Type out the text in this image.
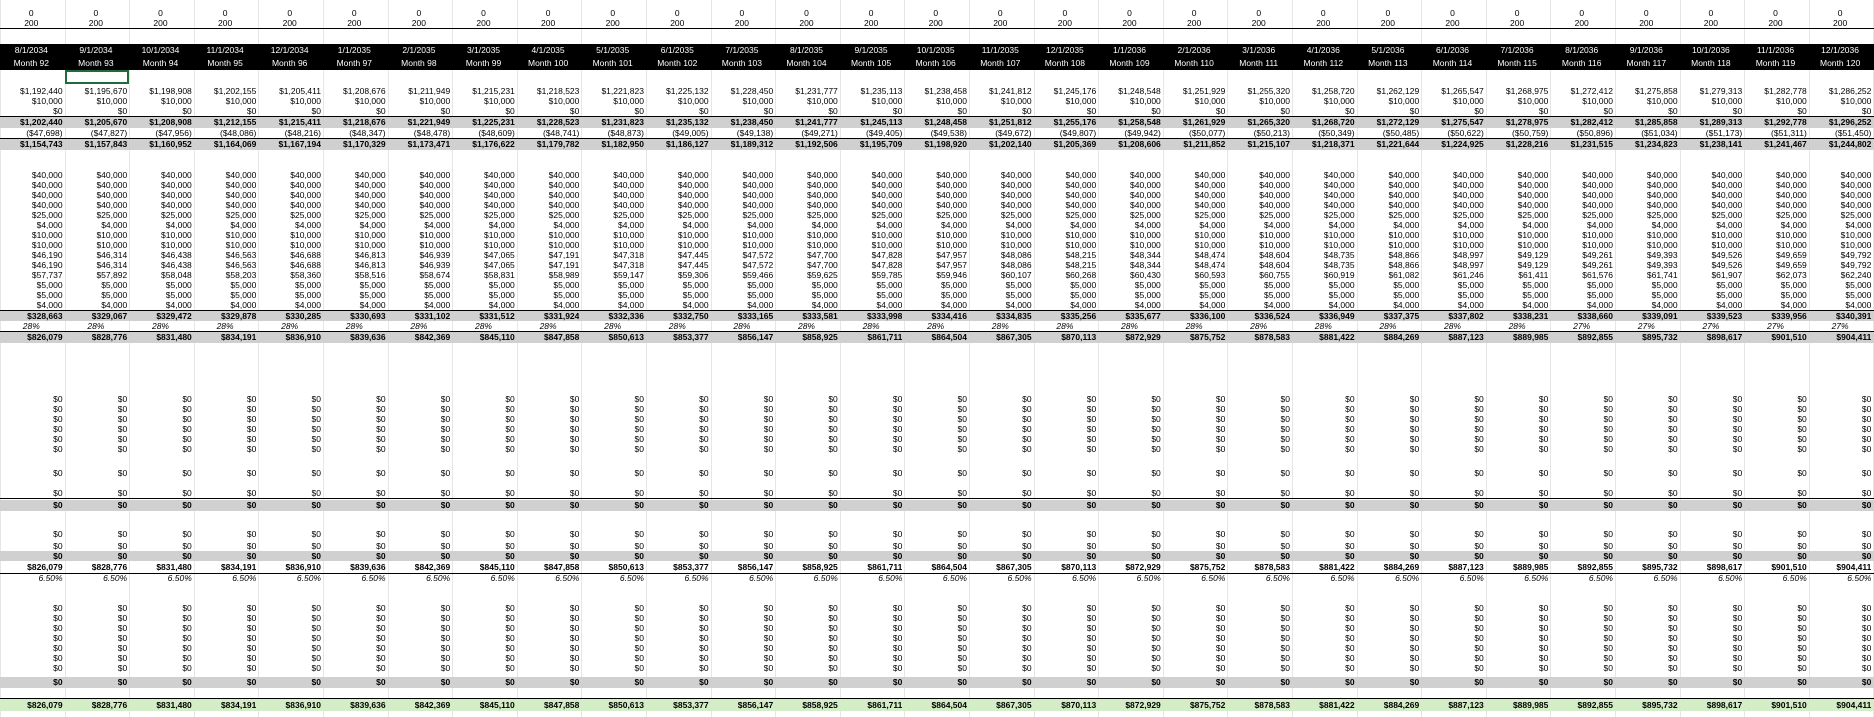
0	0	0	0	0	0	0	0	0	0	0	0	0	0	0	0	0	0	0	0	0	0	0	0	0	0	0	0	0
200	200	200	200	200	200	200	200	200	200	200	200	200	200	200	200	200	200	200	200	200	200	200	200	200	200	200	200	200
8/1/2034	9/1/2034	10/1/2034	11/1/2034	12/1/2034	1/1/2035	2/1/2035	3/1/2035	4/1/2035	5/1/2035	6/1/2035	7/1/2035	8/1/2035	9/1/2035	10/1/2035	11/1/2035	12/1/2035	1/1/2036	2/1/2036	3/1/2036	4/1/2036	5/1/2036	6/1/2036	7/1/2036	8/1/2036	9/1/2036	10/1/2036	11/1/2036	12/1/2036
Month 92	Month 93	Month 94	Month 95	Month 96	Month 97	Month 98	Month 99	Month 100	Month 101	Month 102	Month 103	Month 104	Month 105	Month 106	Month 107	Month 108	Month 109	Month 110	Month 111	Month 112	Month 113	Month 114	Month 115	Month 116	Month 117	Month 118	Month 119	Month 120
$1,192,440	$1,195,670	$1,198,908	$1,202,155	$1,205,411	$1,208,676	$1,211,949	$1,215,231	$1,218,523	$1,221,823	$1,225,132	$1,228,450	$1,231,777	$1,235,113	$1,238,458	$1,241,812	$1,245,176	$1,248,548	$1,251,929	$1,255,320	$1,258,720	$1,262,129	$1,265,547	$1,268,975	$1,272,412	$1,275,858	$1,279,313	$1,282,778	$1,286,252
$10,000	$10,000	$10,000	$10,000	$10,000	$10,000	$10,000	$10,000	$10,000	$10,000	$10,000	$10,000	$10,000	$10,000	$10,000	$10,000	$10,000	$10,000	$10,000	$10,000	$10,000	$10,000	$10,000	$10,000	$10,000	$10,000	$10,000	$10,000	$10,000
$0	$0	$0	$0	$0	$0	$0	$0	$0	$0	$0	$0	$0	$0	$0	$0	$0	$0	$0	$0	$0	$0	$0	$0	$0	$0	$0	$0	$0
$1,202,440	$1,205,670	$1,208,908	$1,212,155	$1,215,411	$1,218,676	$1,221,949	$1,225,231	$1,228,523	$1,231,823	$1,235,132	$1,238,450	$1,241,777	$1,245,113	$1,248,458	$1,251,812	$1,255,176	$1,258,548	$1,261,929	$1,265,320	$1,268,720	$1,272,129	$1,275,547	$1,278,975	$1,282,412	$1,285,858	$1,289,313	$1,292,778	$1,296,252
($47,698)	($47,827)	($47,956)	($48,086)	($48,216)	($48,347)	($48,478)	($48,609)	($48,741)	($48,873)	($49,005)	($49,138)	($49,271)	($49,405)	($49,538)	($49,672)	($49,807)	($49,942)	($50,077)	($50,213)	($50,349)	($50,485)	($50,622)	($50,759)	($50,896)	($51,034)	($51,173)	($51,311)	($51,450)
$1,154,743	$1,157,843	$1,160,952	$1,164,069	$1,167,194	$1,170,329	$1,173,471	$1,176,622	$1,179,782	$1,182,950	$1,186,127	$1,189,312	$1,192,506	$1,195,709	$1,198,920	$1,202,140	$1,205,369	$1,208,606	$1,211,852	$1,215,107	$1,218,371	$1,221,644	$1,224,925	$1,228,216	$1,231,515	$1,234,823	$1,238,141	$1,241,467	$1,244,802
$40,000	$40,000	$40,000	$40,000	$40,000	$40,000	$40,000	$40,000	$40,000	$40,000	$40,000	$40,000	$40,000	$40,000	$40,000	$40,000	$40,000	$40,000	$40,000	$40,000	$40,000	$40,000	$40,000	$40,000	$40,000	$40,000	$40,000	$40,000	$40,000
$40,000	$40,000	$40,000	$40,000	$40,000	$40,000	$40,000	$40,000	$40,000	$40,000	$40,000	$40,000	$40,000	$40,000	$40,000	$40,000	$40,000	$40,000	$40,000	$40,000	$40,000	$40,000	$40,000	$40,000	$40,000	$40,000	$40,000	$40,000	$40,000
$40,000	$40,000	$40,000	$40,000	$40,000	$40,000	$40,000	$40,000	$40,000	$40,000	$40,000	$40,000	$40,000	$40,000	$40,000	$40,000	$40,000	$40,000	$40,000	$40,000	$40,000	$40,000	$40,000	$40,000	$40,000	$40,000	$40,000	$40,000	$40,000
$40,000	$40,000	$40,000	$40,000	$40,000	$40,000	$40,000	$40,000	$40,000	$40,000	$40,000	$40,000	$40,000	$40,000	$40,000	$40,000	$40,000	$40,000	$40,000	$40,000	$40,000	$40,000	$40,000	$40,000	$40,000	$40,000	$40,000	$40,000	$40,000
$25,000	$25,000	$25,000	$25,000	$25,000	$25,000	$25,000	$25,000	$25,000	$25,000	$25,000	$25,000	$25,000	$25,000	$25,000	$25,000	$25,000	$25,000	$25,000	$25,000	$25,000	$25,000	$25,000	$25,000	$25,000	$25,000	$25,000	$25,000	$25,000
$4,000	$4,000	$4,000	$4,000	$4,000	$4,000	$4,000	$4,000	$4,000	$4,000	$4,000	$4,000	$4,000	$4,000	$4,000	$4,000	$4,000	$4,000	$4,000	$4,000	$4,000	$4,000	$4,000	$4,000	$4,000	$4,000	$4,000	$4,000	$4,000
$10,000	$10,000	$10,000	$10,000	$10,000	$10,000	$10,000	$10,000	$10,000	$10,000	$10,000	$10,000	$10,000	$10,000	$10,000	$10,000	$10,000	$10,000	$10,000	$10,000	$10,000	$10,000	$10,000	$10,000	$10,000	$10,000	$10,000	$10,000	$10,000
$10,000	$10,000	$10,000	$10,000	$10,000	$10,000	$10,000	$10,000	$10,000	$10,000	$10,000	$10,000	$10,000	$10,000	$10,000	$10,000	$10,000	$10,000	$10,000	$10,000	$10,000	$10,000	$10,000	$10,000	$10,000	$10,000	$10,000	$10,000	$10,000
$46,190	$46,314	$46,438	$46,563	$46,688	$46,813	$46,939	$47,065	$47,191	$47,318	$47,445	$47,572	$47,700	$47,828	$47,957	$48,086	$48,215	$48,344	$48,474	$48,604	$48,735	$48,866	$48,997	$49,129	$49,261	$49,393	$49,526	$49,659	$49,792
$46,190	$46,314	$46,438	$46,563	$46,688	$46,813	$46,939	$47,065	$47,191	$47,318	$47,445	$47,572	$47,700	$47,828	$47,957	$48,086	$48,215	$48,344	$48,474	$48,604	$48,735	$48,866	$48,997	$49,129	$49,261	$49,393	$49,526	$49,659	$49,792
$57,737	$57,892	$58,048	$58,203	$58,360	$58,516	$58,674	$58,831	$58,989	$59,147	$59,306	$59,466	$59,625	$59,785	$59,946	$60,107	$60,268	$60,430	$60,593	$60,755	$60,919	$61,082	$61,246	$61,411	$61,576	$61,741	$61,907	$62,073	$62,240
$5,000	$5,000	$5,000	$5,000	$5,000	$5,000	$5,000	$5,000	$5,000	$5,000	$5,000	$5,000	$5,000	$5,000	$5,000	$5,000	$5,000	$5,000	$5,000	$5,000	$5,000	$5,000	$5,000	$5,000	$5,000	$5,000	$5,000	$5,000	$5,000
$5,000	$5,000	$5,000	$5,000	$5,000	$5,000	$5,000	$5,000	$5,000	$5,000	$5,000	$5,000	$5,000	$5,000	$5,000	$5,000	$5,000	$5,000	$5,000	$5,000	$5,000	$5,000	$5,000	$5,000	$5,000	$5,000	$5,000	$5,000	$5,000
$4,000	$4,000	$4,000	$4,000	$4,000	$4,000	$4,000	$4,000	$4,000	$4,000	$4,000	$4,000	$4,000	$4,000	$4,000	$4,000	$4,000	$4,000	$4,000	$4,000	$4,000	$4,000	$4,000	$4,000	$4,000	$4,000	$4,000	$4,000	$4,000
$328,663	$329,067	$329,472	$329,878	$330,285	$330,693	$331,102	$331,512	$331,924	$332,336	$332,750	$333,165	$333,581	$333,998	$334,416	$334,835	$335,256	$335,677	$336,100	$336,524	$336,949	$337,375	$337,802	$338,231	$338,660	$339,091	$339,523	$339,956	$340,391
28%	28%	28%	28%	28%	28%	28%	28%	28%	28%	28%	28%	28%	28%	28%	28%	28%	28%	28%	28%	28%	28%	28%	28%	27%	27%	27%	27%	27%
$826,079	$828,776	$831,480	$834,191	$836,910	$839,636	$842,369	$845,110	$847,858	$850,613	$853,377	$856,147	$858,925	$861,711	$864,504	$867,305	$870,113	$872,929	$875,752	$878,583	$881,422	$884,269	$887,123	$889,985	$892,855	$895,732	$898,617	$901,510	$904,411
$0	$0	$0	$0	$0	$0	$0	$0	$0	$0	$0	$0	$0	$0	$0	$0	$0	$0	$0	$0	$0	$0	$0	$0	$0	$0	$0	$0	$0
$0	$0	$0	$0	$0	$0	$0	$0	$0	$0	$0	$0	$0	$0	$0	$0	$0	$0	$0	$0	$0	$0	$0	$0	$0	$0	$0	$0	$0
$0	$0	$0	$0	$0	$0	$0	$0	$0	$0	$0	$0	$0	$0	$0	$0	$0	$0	$0	$0	$0	$0	$0	$0	$0	$0	$0	$0	$0
$0	$0	$0	$0	$0	$0	$0	$0	$0	$0	$0	$0	$0	$0	$0	$0	$0	$0	$0	$0	$0	$0	$0	$0	$0	$0	$0	$0	$0
$0	$0	$0	$0	$0	$0	$0	$0	$0	$0	$0	$0	$0	$0	$0	$0	$0	$0	$0	$0	$0	$0	$0	$0	$0	$0	$0	$0	$0
$0	$0	$0	$0	$0	$0	$0	$0	$0	$0	$0	$0	$0	$0	$0	$0	$0	$0	$0	$0	$0	$0	$0	$0	$0	$0	$0	$0	$0
$0	$0	$0	$0	$0	$0	$0	$0	$0	$0	$0	$0	$0	$0	$0	$0	$0	$0	$0	$0	$0	$0	$0	$0	$0	$0	$0	$0	$0
$0	$0	$0	$0	$0	$0	$0	$0	$0	$0	$0	$0	$0	$0	$0	$0	$0	$0	$0	$0	$0	$0	$0	$0	$0	$0	$0	$0	$0
$0	$0	$0	$0	$0	$0	$0	$0	$0	$0	$0	$0	$0	$0	$0	$0	$0	$0	$0	$0	$0	$0	$0	$0	$0	$0	$0	$0	$0
$0	$0	$0	$0	$0	$0	$0	$0	$0	$0	$0	$0	$0	$0	$0	$0	$0	$0	$0	$0	$0	$0	$0	$0	$0	$0	$0	$0	$0
$0	$0	$0	$0	$0	$0	$0	$0	$0	$0	$0	$0	$0	$0	$0	$0	$0	$0	$0	$0	$0	$0	$0	$0	$0	$0	$0	$0	$0
$0	$0	$0	$0	$0	$0	$0	$0	$0	$0	$0	$0	$0	$0	$0	$0	$0	$0	$0	$0	$0	$0	$0	$0	$0	$0	$0	$0	$0
$826,079	$828,776	$831,480	$834,191	$836,910	$839,636	$842,369	$845,110	$847,858	$850,613	$853,377	$856,147	$858,925	$861,711	$864,504	$867,305	$870,113	$872,929	$875,752	$878,583	$881,422	$884,269	$887,123	$889,985	$892,855	$895,732	$898,617	$901,510	$904,411
6.50%	6.50%	6.50%	6.50%	6.50%	6.50%	6.50%	6.50%	6.50%	6.50%	6.50%	6.50%	6.50%	6.50%	6.50%	6.50%	6.50%	6.50%	6.50%	6.50%	6.50%	6.50%	6.50%	6.50%	6.50%	6.50%	6.50%	6.50%	6.50%
$0	$0	$0	$0	$0	$0	$0	$0	$0	$0	$0	$0	$0	$0	$0	$0	$0	$0	$0	$0	$0	$0	$0	$0	$0	$0	$0	$0	$0
$0	$0	$0	$0	$0	$0	$0	$0	$0	$0	$0	$0	$0	$0	$0	$0	$0	$0	$0	$0	$0	$0	$0	$0	$0	$0	$0	$0	$0
$0	$0	$0	$0	$0	$0	$0	$0	$0	$0	$0	$0	$0	$0	$0	$0	$0	$0	$0	$0	$0	$0	$0	$0	$0	$0	$0	$0	$0
$0	$0	$0	$0	$0	$0	$0	$0	$0	$0	$0	$0	$0	$0	$0	$0	$0	$0	$0	$0	$0	$0	$0	$0	$0	$0	$0	$0	$0
$0	$0	$0	$0	$0	$0	$0	$0	$0	$0	$0	$0	$0	$0	$0	$0	$0	$0	$0	$0	$0	$0	$0	$0	$0	$0	$0	$0	$0
$0	$0	$0	$0	$0	$0	$0	$0	$0	$0	$0	$0	$0	$0	$0	$0	$0	$0	$0	$0	$0	$0	$0	$0	$0	$0	$0	$0	$0
$0	$0	$0	$0	$0	$0	$0	$0	$0	$0	$0	$0	$0	$0	$0	$0	$0	$0	$0	$0	$0	$0	$0	$0	$0	$0	$0	$0	$0
$0	$0	$0	$0	$0	$0	$0	$0	$0	$0	$0	$0	$0	$0	$0	$0	$0	$0	$0	$0	$0	$0	$0	$0	$0	$0	$0	$0	$0
$826,079	$828,776	$831,480	$834,191	$836,910	$839,636	$842,369	$845,110	$847,858	$850,613	$853,377	$856,147	$858,925	$861,711	$864,504	$867,305	$870,113	$872,929	$875,752	$878,583	$881,422	$884,269	$887,123	$889,985	$892,855	$895,732	$898,617	$901,510	$904,411
